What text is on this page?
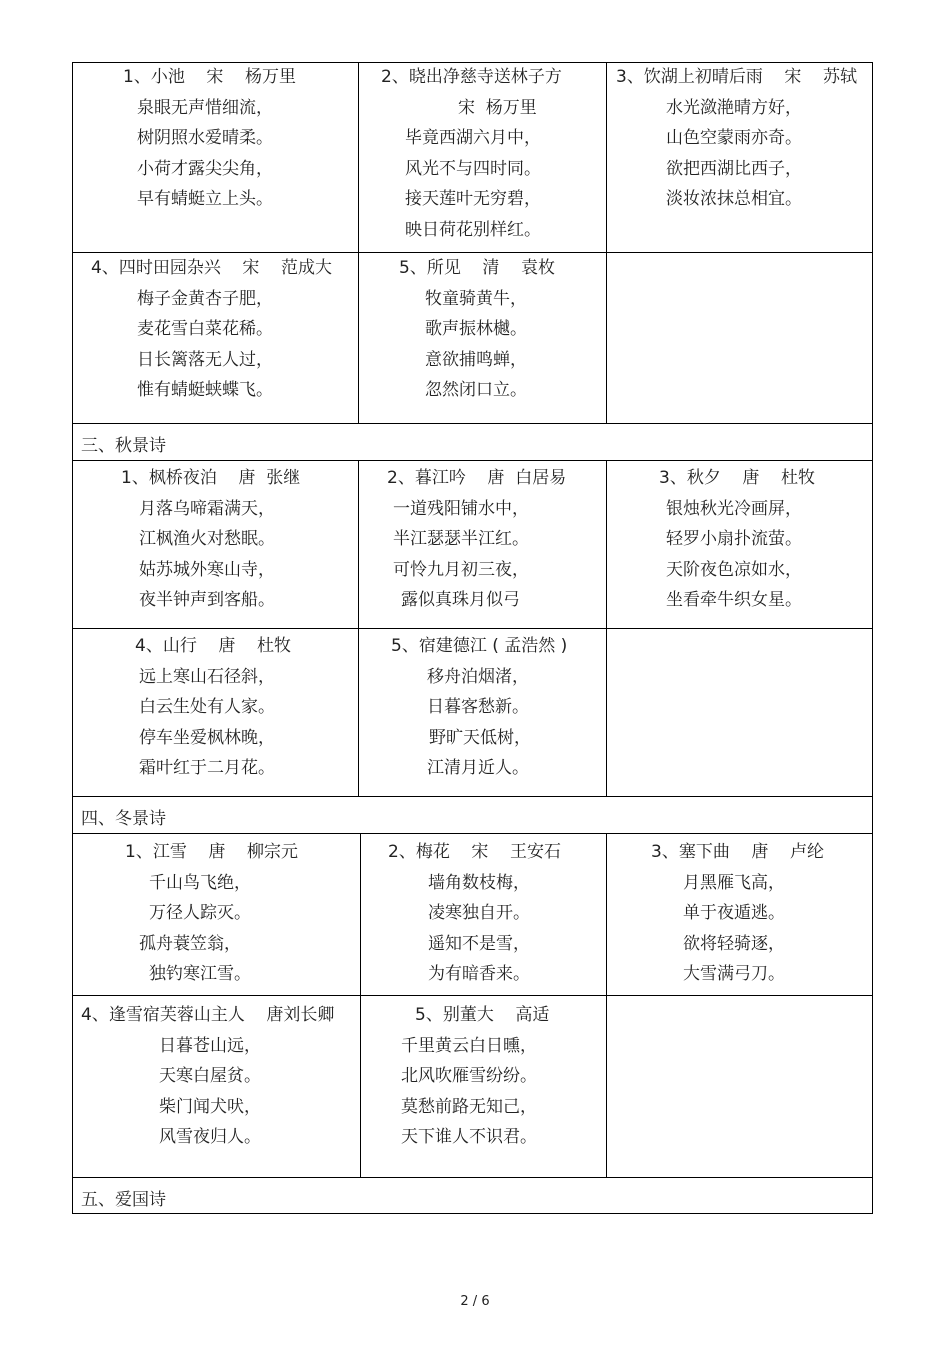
三、秋景诗
四、冬景诗
五、爱国诗
1、小池    宋    杨万里
泉眼无声惜细流，
树阴照水爱晴柔。
小荷才露尖尖角，
早有蜻蜓立上头。
2、晓出净慈寺送林子方
宋  杨万里
毕竟西湖六月中，
风光不与四时同。
接天莲叶无穷碧，
映日荷花别样红。
3、饮湖上初晴后雨    宋    苏轼
水光潋滟晴方好，
山色空蒙雨亦奇。
欲把西湖比西子，
淡妆浓抹总相宜。
4、四时田园杂兴    宋    范成大
梅子金黄杏子肥，
麦花雪白菜花稀。
日长篱落无人过，
惟有蜻蜓蛱蝶飞。
5、所见    清    袁枚
牧童骑黄牛，
歌声振林樾。
意欲捕鸣蝉，
忽然闭口立。
1、枫桥夜泊    唐  张继
月落乌啼霜满天，
江枫渔火对愁眠。
姑苏城外寒山寺，
夜半钟声到客船。
2、暮江吟    唐  白居易
一道残阳铺水中，
半江瑟瑟半江红。
可怜九月初三夜，
露似真珠月似弓
3、秋夕    唐    杜牧
银烛秋光冷画屏，
轻罗小扇扑流萤。
天阶夜色凉如水，
坐看牵牛织女星。
4、山行    唐    杜牧
远上寒山石径斜，
白云生处有人家。
停车坐爱枫林晚，
霜叶红于二月花。
5、宿建德江 ( 孟浩然 )
移舟泊烟渚，
日暮客愁新。
野旷天低树，
江清月近人。
1、江雪    唐    柳宗元
千山鸟飞绝，
万径人踪灭。
孤舟蓑笠翁，
独钓寒江雪。
2、梅花    宋    王安石
墙角数枝梅，
凌寒独自开。
遥知不是雪，
为有暗香来。
3、塞下曲    唐    卢纶
月黑雁飞高，
单于夜遁逃。
欲将轻骑逐，
大雪满弓刀。
4、逢雪宿芙蓉山主人    唐刘长卿
日暮苍山远，
天寒白屋贫。
柴门闻犬吠，
风雪夜归人。
5、别董大    高适
千里黄云白日曛，
北风吹雁雪纷纷。
莫愁前路无知己，
天下谁人不识君。
2 / 6
